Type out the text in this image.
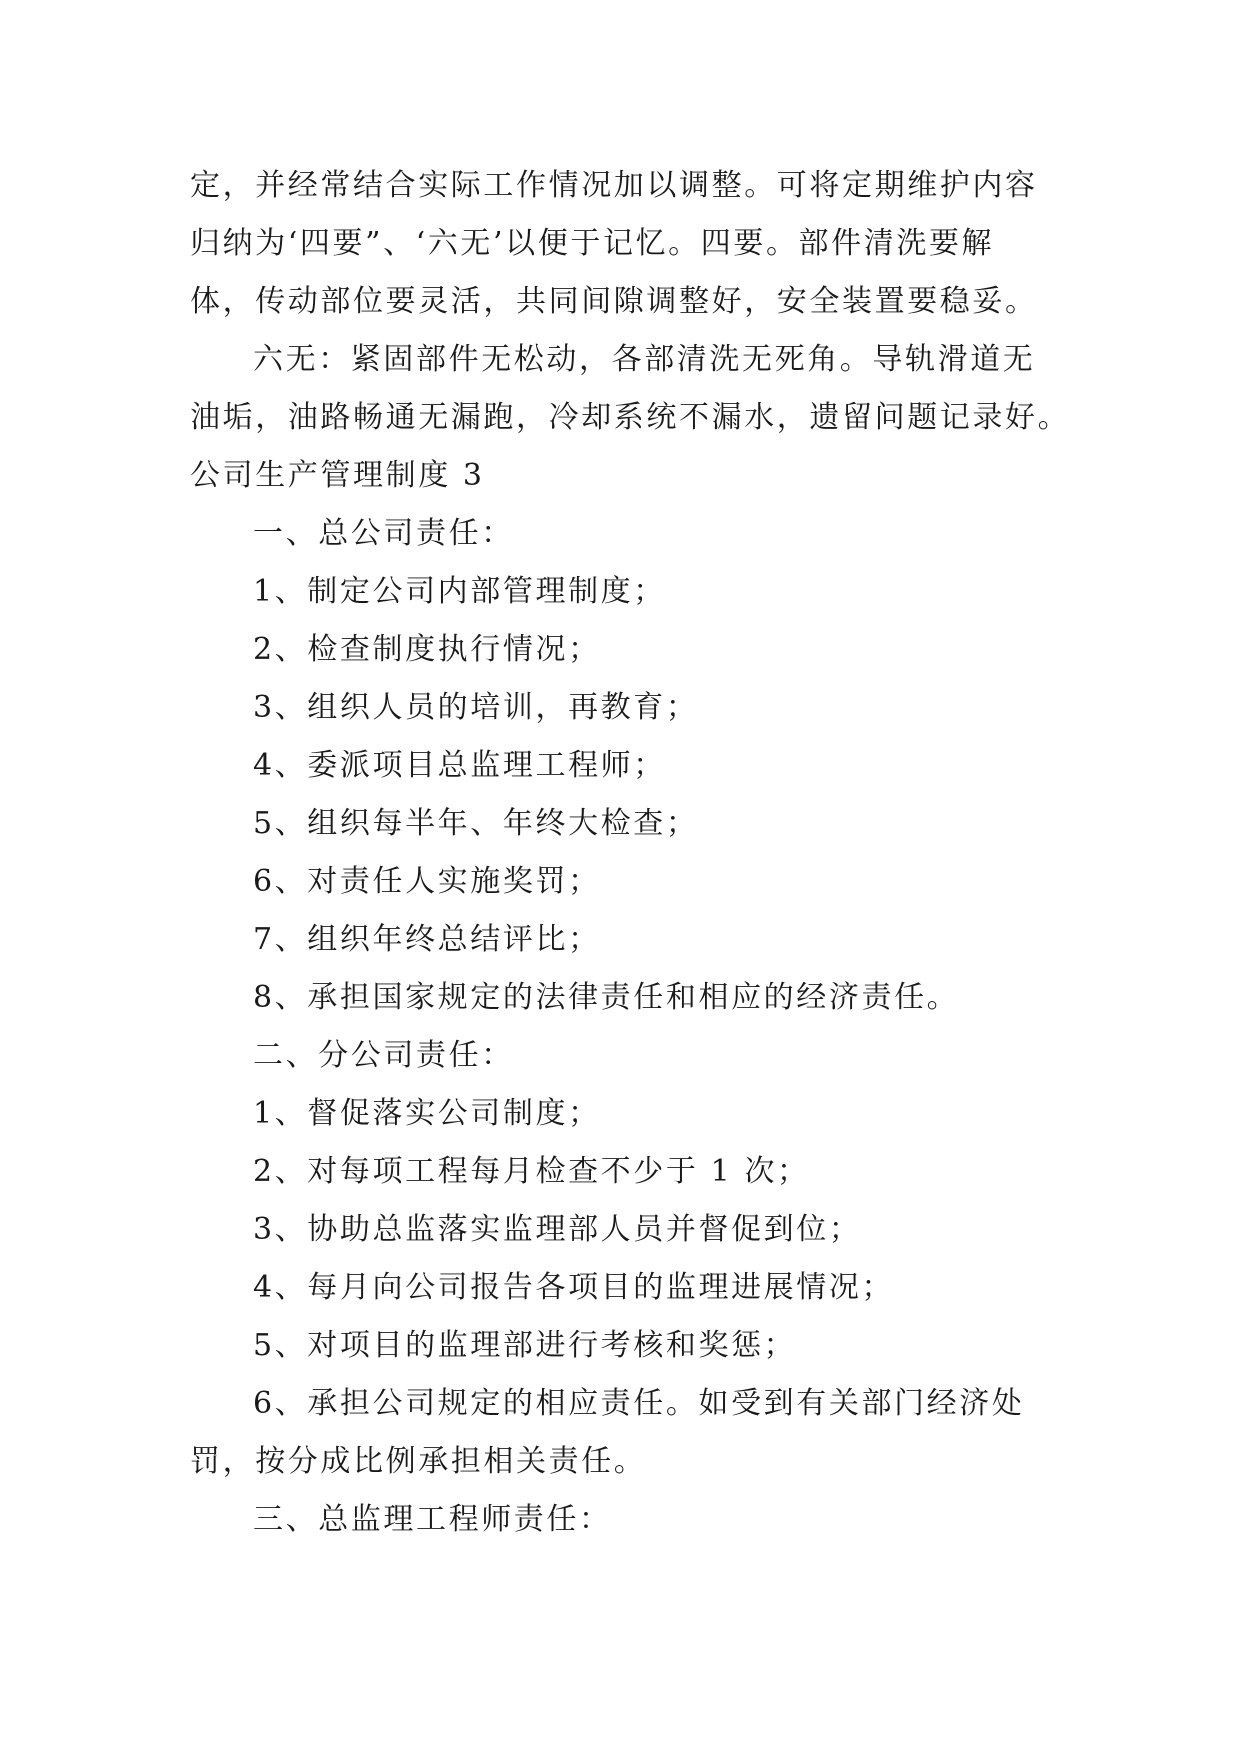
定，并经常结合实际工作情况加以调整。可将定期维护内容
归纳为‘四要”、‘六无’以便于记忆。四要。部件清洗要解
体，传动部位要灵活，共同间隙调整好，安全装置要稳妥。
六无：紧固部件无松动，各部清洗无死角。导轨滑道无
油垢，油路畅通无漏跑，冷却系统不漏水，遗留问题记录好。
公司生产管理制度 3
一、总公司责任：
1、制定公司内部管理制度；
2、检查制度执行情况；
3、组织人员的培训，再教育；
4、委派项目总监理工程师；
5、组织每半年、年终大检查；
6、对责任人实施奖罚；
7、组织年终总结评比；
8、承担国家规定的法律责任和相应的经济责任。
二、分公司责任：
1、督促落实公司制度；
2、对每项工程每月检查不少于 1 次；
3、协助总监落实监理部人员并督促到位；
4、每月向公司报告各项目的监理进展情况；
5、对项目的监理部进行考核和奖惩；
6、承担公司规定的相应责任。如受到有关部门经济处
罚，按分成比例承担相关责任。
三、总监理工程师责任：
